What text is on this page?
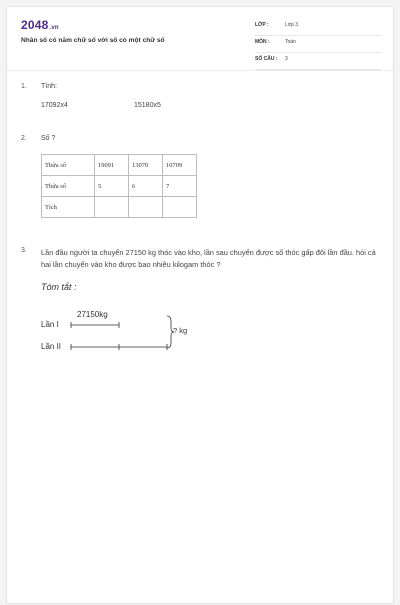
2048.vn
Nhân số có năm chữ số với số có một chữ số
LỚP :	Lớp 3
MÔN :	Toán
SỐ CÂU : 3
1. Tính:
17092x4	15180x5
2. Số ?
Thừa số	19091	13070	10709
Thừa số	5	6	7
Tích			
3. Lần đầu người ta chuyển 27150 kg thóc vào kho, lần sau chuyển được số thóc gấp đôi lần đầu. hỏi cả hai lần chuyển vào kho được bao nhiêu kilogam thóc ?
Tóm tắt :
Lần I
Lần II
27150kg
? kg
